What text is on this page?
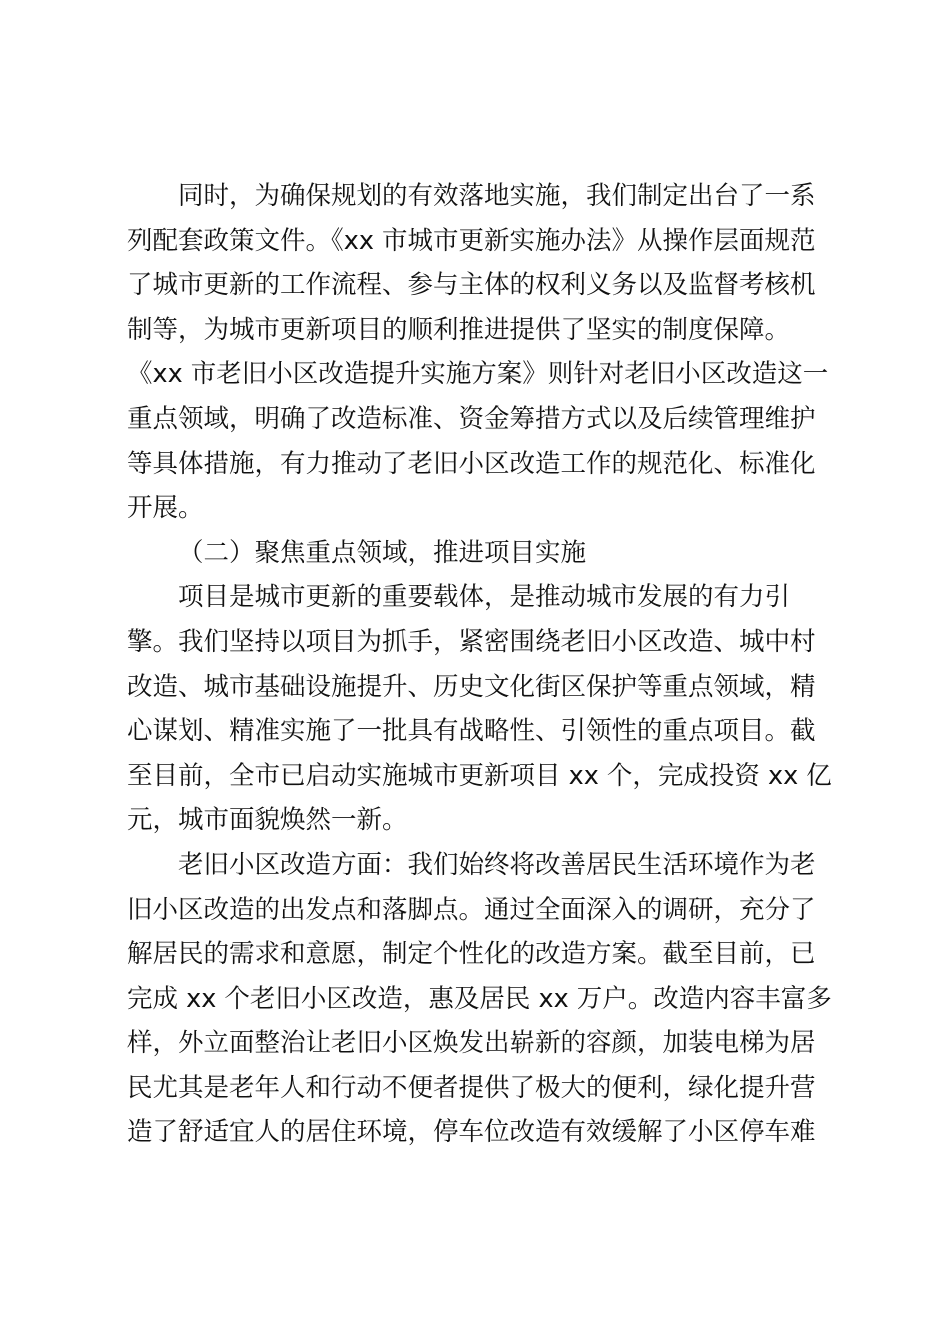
同时，为确保规划的有效落地实施，我们制定出台了一系
列配套政策文件。《xx 市城市更新实施办法》从操作层面规范
了城市更新的工作流程、参与主体的权利义务以及监督考核机
制等，为城市更新项目的顺利推进提供了坚实的制度保障。
《xx 市老旧小区改造提升实施方案》则针对老旧小区改造这一
重点领域，明确了改造标准、资金筹措方式以及后续管理维护
等具体措施，有力推动了老旧小区改造工作的规范化、标准化
开展。
（二）聚焦重点领域，推进项目实施
项目是城市更新的重要载体，是推动城市发展的有力引
擎。我们坚持以项目为抓手，紧密围绕老旧小区改造、城中村
改造、城市基础设施提升、历史文化街区保护等重点领域，精
心谋划、精准实施了一批具有战略性、引领性的重点项目。截
至目前，全市已启动实施城市更新项目 xx 个，完成投资 xx 亿
元，城市面貌焕然一新。
老旧小区改造方面：我们始终将改善居民生活环境作为老
旧小区改造的出发点和落脚点。通过全面深入的调研，充分了
解居民的需求和意愿，制定个性化的改造方案。截至目前，已
完成 xx 个老旧小区改造，惠及居民 xx 万户。改造内容丰富多
样，外立面整治让老旧小区焕发出崭新的容颜，加装电梯为居
民尤其是老年人和行动不便者提供了极大的便利，绿化提升营
造了舒适宜人的居住环境，停车位改造有效缓解了小区停车难
